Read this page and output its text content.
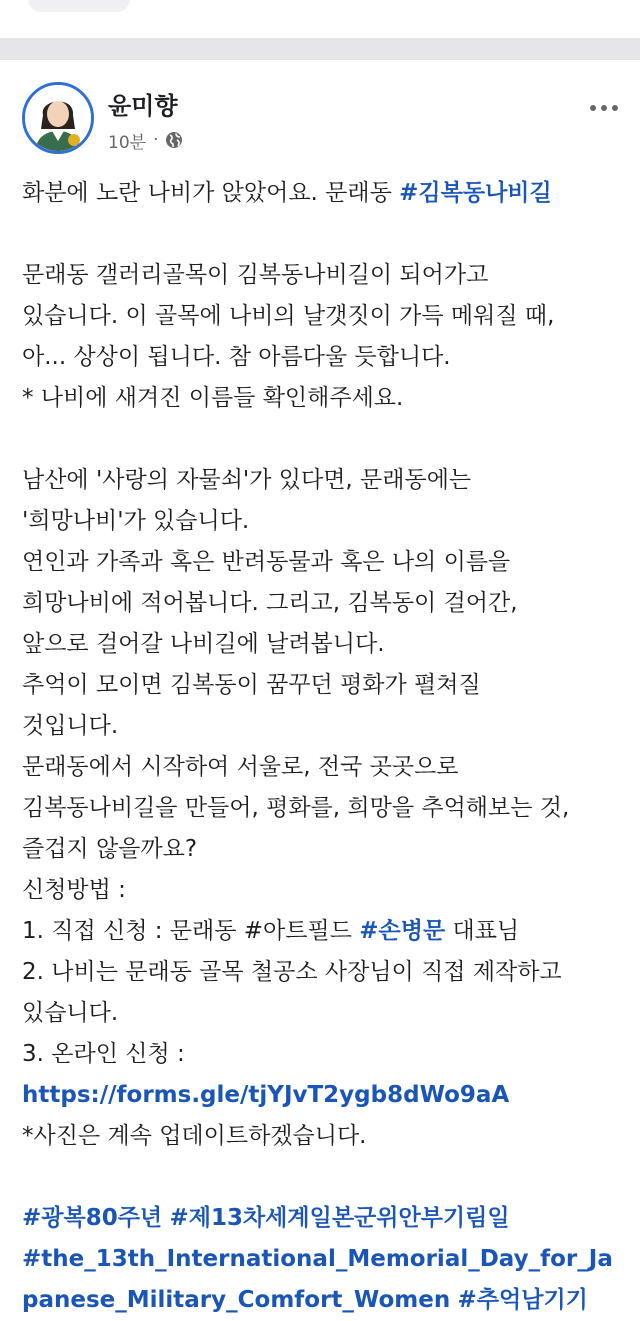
윤미향
10분 ·
화분에 노란 나비가 앉았어요. 문래동 #김복동나비길
문래동 갤러리골목이 김복동나비길이 되어가고
있습니다. 이 골목에 나비의 날갯짓이 가득 메워질 때,
아... 상상이 됩니다. 참 아름다울 듯합니다.
* 나비에 새겨진 이름들 확인해주세요.
남산에 '사랑의 자물쇠'가 있다면, 문래동에는
'희망나비'가 있습니다.
연인과 가족과 혹은 반려동물과 혹은 나의 이름을
희망나비에 적어봅니다. 그리고, 김복동이 걸어간,
앞으로 걸어갈 나비길에 날려봅니다.
추억이 모이면 김복동이 꿈꾸던 평화가 펼쳐질
것입니다.
문래동에서 시작하여 서울로, 전국 곳곳으로
김복동나비길을 만들어, 평화를, 희망을 추억해보는 것,
즐겁지 않을까요?
신청방법 :
1. 직접 신청 : 문래동 #아트필드 #손병문 대표님
2. 나비는 문래동 골목 철공소 사장님이 직접 제작하고
있습니다.
3. 온라인 신청 :
https://forms.gle/tjYJvT2ygb8dWo9aA
*사진은 계속 업데이트하겠습니다.
#광복80주년 #제13차세계일본군위안부기림일
#the_13th_International_Memorial_Day_for_Ja
panese_Military_Comfort_Women #추억남기기
